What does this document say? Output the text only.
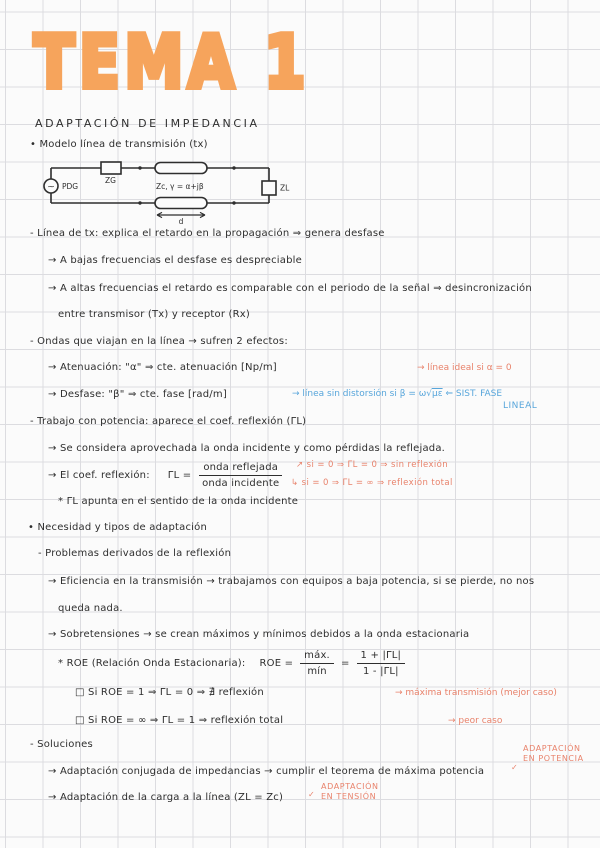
TEMA 1
ADAPTACIÓN DE IMPEDANCIA
• Modelo línea de transmisión (tx)
~ PDG
ZG
Zc, γ = α+jβ	ZL
d
- Línea de tx: explica el retardo en la propagación ⇒ genera desfase
→ A bajas frecuencias el desfase es despreciable
→ A altas frecuencias el retardo es comparable con el periodo de la señal ⇒ desincronización
entre transmisor (Tx) y receptor (Rx)
- Ondas que viajan en la línea → sufren 2 efectos:
→ Atenuación: "α" ⇒ cte. atenuación [Np/m]	→ línea ideal si α = 0
→ Desfase: "β" ⇒ cte. fase [rad/m]	→ línea sin distorsión si β = ω√με ⇐ SIST. FASE
LINEAL
- Trabajo con potencia: aparece el coef. reflexión (ΓL)
→ Se considera aprovechada la onda incidente y como pérdidas la reflejada.
→ El coef. reflexión: $\Gamma L = \frac{\text{onda reflejada}}{\text{onda incidente}}$ ↗ si = 0 ⇒ ΓL = 0 ⇒ sin reflexión
↳ si = 0 ⇒ ΓL = ∞ ⇒ reflexión total
* ΓL apunta en el sentido de la onda incidente
• Necesidad y tipos de adaptación
- Problemas derivados de la reflexión
→ Eficiencia en la transmisión → trabajamos con equipos a baja potencia, si se pierde, no nos
queda nada.
→ Sobretensiones → se crean máximos y mínimos debidos a la onda estacionaria
* ROE (Relación Onda Estacionaria): ROE = $\frac{\text{máx.}}{\text{mín}} = \frac{1 + |\Gamma L|}{1 - |\Gamma L|}$
□ Si ROE = 1 ⇒ ΓL = 0 ⇒ ∄ reflexión	→ máxima transmisión (mejor caso)
□ Si ROE = ∞ ⇒ ΓL = 1 ⇒ reflexión total	→ peor caso
- Soluciones
→ Adaptación conjugada de impedancias → cumplir el teorema de máxima potencia	✓
ADAPTACIÓN
EN POTENCIA
→ Adaptación de la carga a la línea (ZL = Zc)	✓
ADAPTACIÓN
EN TENSIÓN
